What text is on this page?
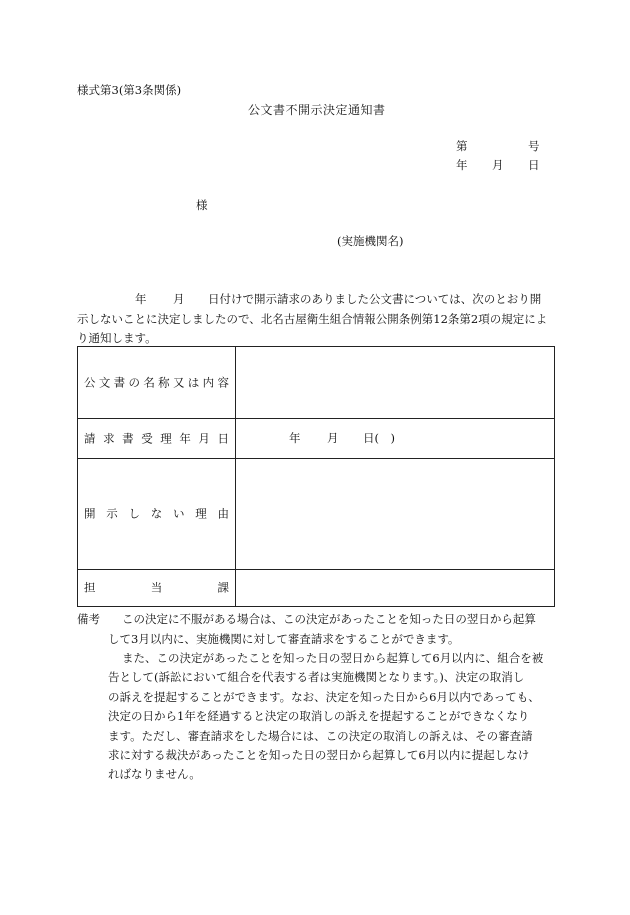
様式第3(第3条関係)
公文書不開示決定通知書
第	号
年 月 日
様
(実施機関名)
年 月 日付けで開示請求のありました公文書については、次のとおり開
示しないことに決定しましたので、北名古屋衛生組合情報公開条例第12条第2項の規定によ
り通知します。
公 文 書 の 名 称 又 は 内 容
請 求 書 受 理 年 月 日	年 月 日(　)
開 示 し な い 理 由
担	当	課
備考 この決定に不服がある場合は、この決定があったことを知った日の翌日から起算
して3月以内に、実施機関に対して審査請求をすることができます。
また、この決定があったことを知った日の翌日から起算して6月以内に、組合を被
告として(訴訟において組合を代表する者は実施機関となります。)、決定の取消し
の訴えを提起することができます。なお、決定を知った日から6月以内であっても、
決定の日から1年を経過すると決定の取消しの訴えを提起することができなくなり
ます。ただし、審査請求をした場合には、この決定の取消しの訴えは、その審査請
求に対する裁決があったことを知った日の翌日から起算して6月以内に提起しなけ
ればなりません。
